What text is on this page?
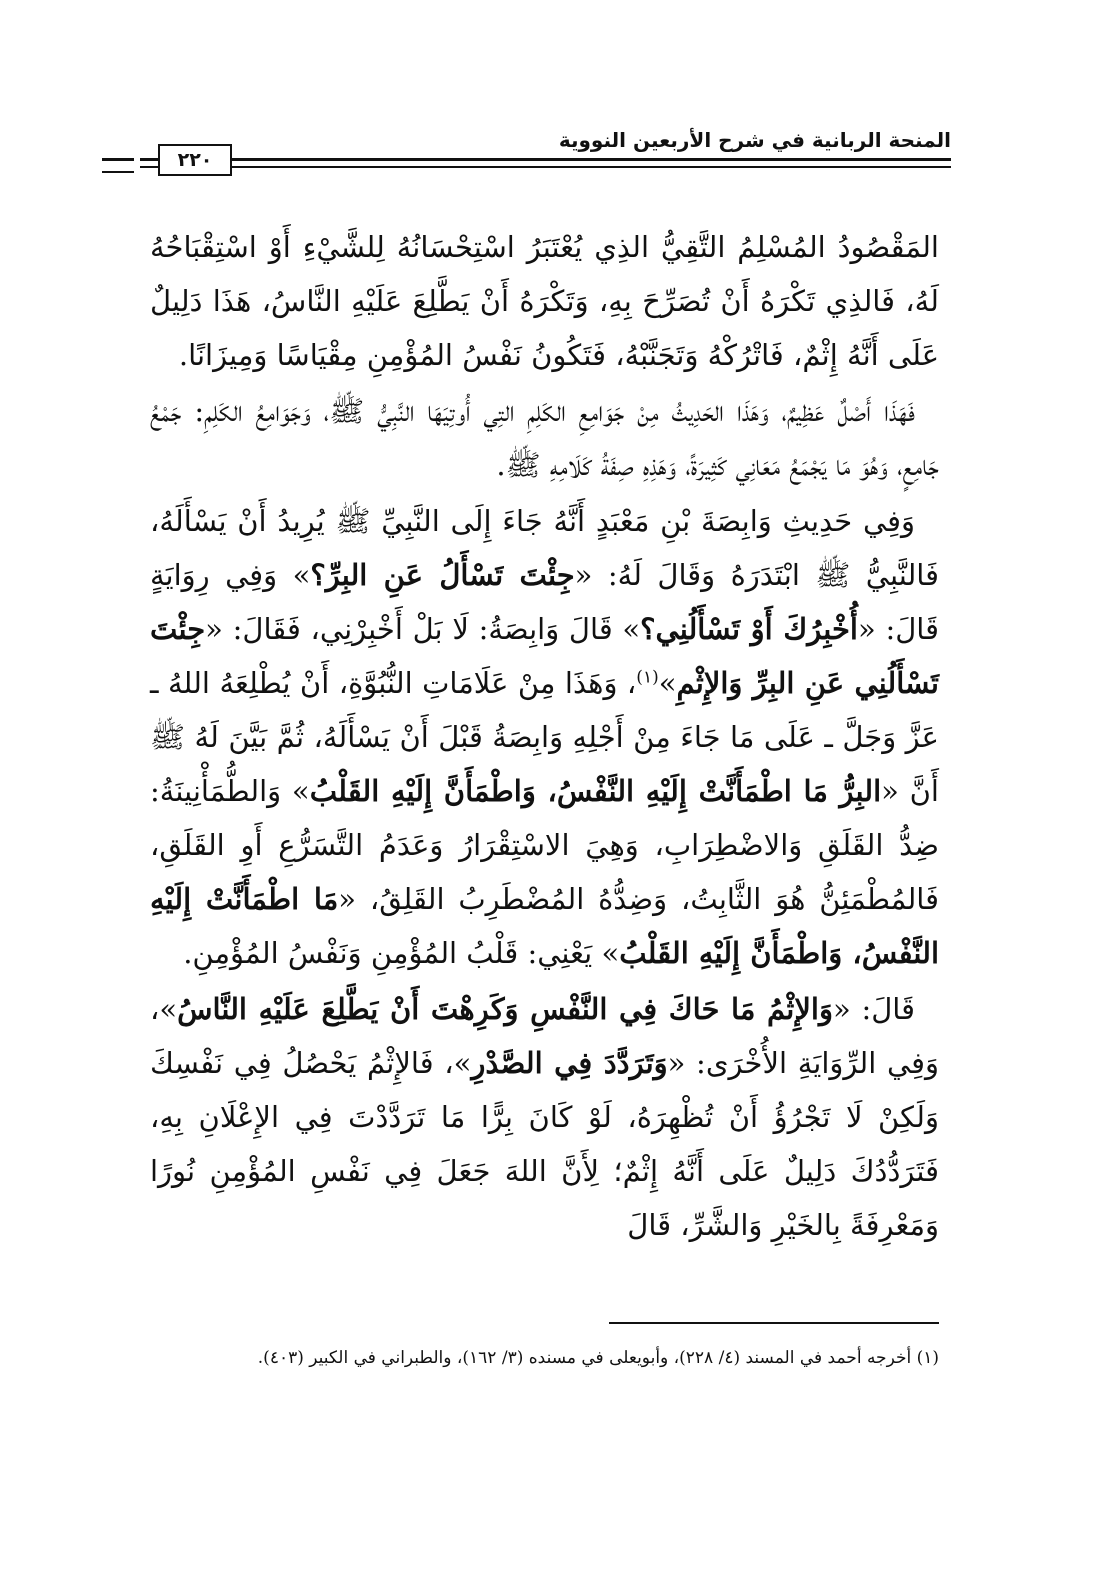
المنحة الربانية في شرح الأربعين النووية
٢٢٠

المَقْصُودُ المُسْلِمُ التَّقِيُّ الذِي يُعْتَبَرُ اسْتِحْسَانُهُ لِلشَّيْءِ أَوْ اسْتِقْبَاحُهُ لَهُ، فَالذِي تَكْرَهُ أَنْ تُصَرِّحَ بِهِ، وَتَكْرَهُ أَنْ يَطَّلِعَ عَلَيْهِ النَّاسُ، هَذَا دَلِيلٌ عَلَى أَنَّهُ إِثْمٌ، فَاتْرُكْهُ وَتَجَنَّبْهُ، فَتَكُونُ نَفْسُ المُؤْمِنِ مِقْيَاسًا وَمِيزَانًا.

فَهَذَا أَصْلٌ عَظِيمٌ، وَهَذَا الحَدِيثُ مِنْ جَوَامِعِ الكَلِمِ التِي أُوتِيَهَا النَّبِيُّ ﷺ، وَجَوَامِعُ الكَلِمِ: جَمْعُ جَامِعٍ، وَهُوَ مَا يَجْمَعُ مَعَانِي كَثِيرَةً، وَهَذِهِ صِفَةُ كَلَامِهِ ﷺ.

وَفِي حَدِيثِ وَابِصَةَ بْنِ مَعْبَدٍ أَنَّهُ جَاءَ إِلَى النَّبِيِّ ﷺ يُرِيدُ أَنْ يَسْأَلَهُ، فَالنَّبِيُّ ﷺ ابْتَدَرَهُ وَقَالَ لَهُ: «جِئْتَ تَسْأَلُ عَنِ البِرِّ؟» وَفِي رِوَايَةٍ قَالَ: «أُخْبِرُكَ أَوْ تَسْأَلُنِي؟» قَالَ وَابِصَةُ: لَا بَلْ أَخْبِرْنِي، فَقَالَ: «جِئْتَ تَسْأَلُنِي عَنِ البِرِّ وَالإِثْمِ»$^{(١)}$، وَهَذَا مِنْ عَلَامَاتِ النُّبُوَّةِ، أَنْ يُطْلِعَهُ اللهُ ـ عَزَّ وَجَلَّ ـ عَلَى مَا جَاءَ مِنْ أَجْلِهِ وَابِصَةُ قَبْلَ أَنْ يَسْأَلَهُ، ثُمَّ بَيَّنَ لَهُ ﷺ أَنَّ «البِرُّ مَا اطْمَأَنَّتْ إِلَيْهِ النَّفْسُ، وَاطْمَأَنَّ إِلَيْهِ القَلْبُ» وَالطُّمَأْنِينَةُ: ضِدُّ القَلَقِ وَالاضْطِرَابِ، وَهِيَ الاسْتِقْرَارُ وَعَدَمُ التَّسَرُّعِ أَوِ القَلَقِ، فَالمُطْمَئِنُّ هُوَ الثَّابِتُ، وَضِدُّهُ المُضْطَرِبُ القَلِقُ، «مَا اطْمَأَنَّتْ إِلَيْهِ النَّفْسُ، وَاطْمَأَنَّ إِلَيْهِ القَلْبُ» يَعْنِي: قَلْبُ المُؤْمِنِ وَنَفْسُ المُؤْمِنِ.

قَالَ: «وَالإِثْمُ مَا حَاكَ فِي النَّفْسِ وَكَرِهْتَ أَنْ يَطَّلِعَ عَلَيْهِ النَّاسُ»، وَفِي الرِّوَايَةِ الأُخْرَى: «وَتَرَدَّدَ فِي الصَّدْرِ»، فَالإِثْمُ يَحْصُلُ فِي نَفْسِكَ وَلَكِنْ لَا تَجْرُؤُ أَنْ تُظْهِرَهُ، لَوْ كَانَ بِرًّا مَا تَرَدَّدْتَ فِي الإِعْلَانِ بِهِ، فَتَرَدُّدُكَ دَلِيلٌ عَلَى أَنَّهُ إِثْمٌ؛ لِأَنَّ اللهَ جَعَلَ فِي نَفْسِ المُؤْمِنِ نُورًا وَمَعْرِفَةً بِالخَيْرِ وَالشَّرِّ، قَالَ

(١) أخرجه أحمد في المسند (٤/ ٢٢٨)، وأبويعلى في مسنده (٣/ ١٦٢)، والطبراني في الكبير (٤٠٣).
